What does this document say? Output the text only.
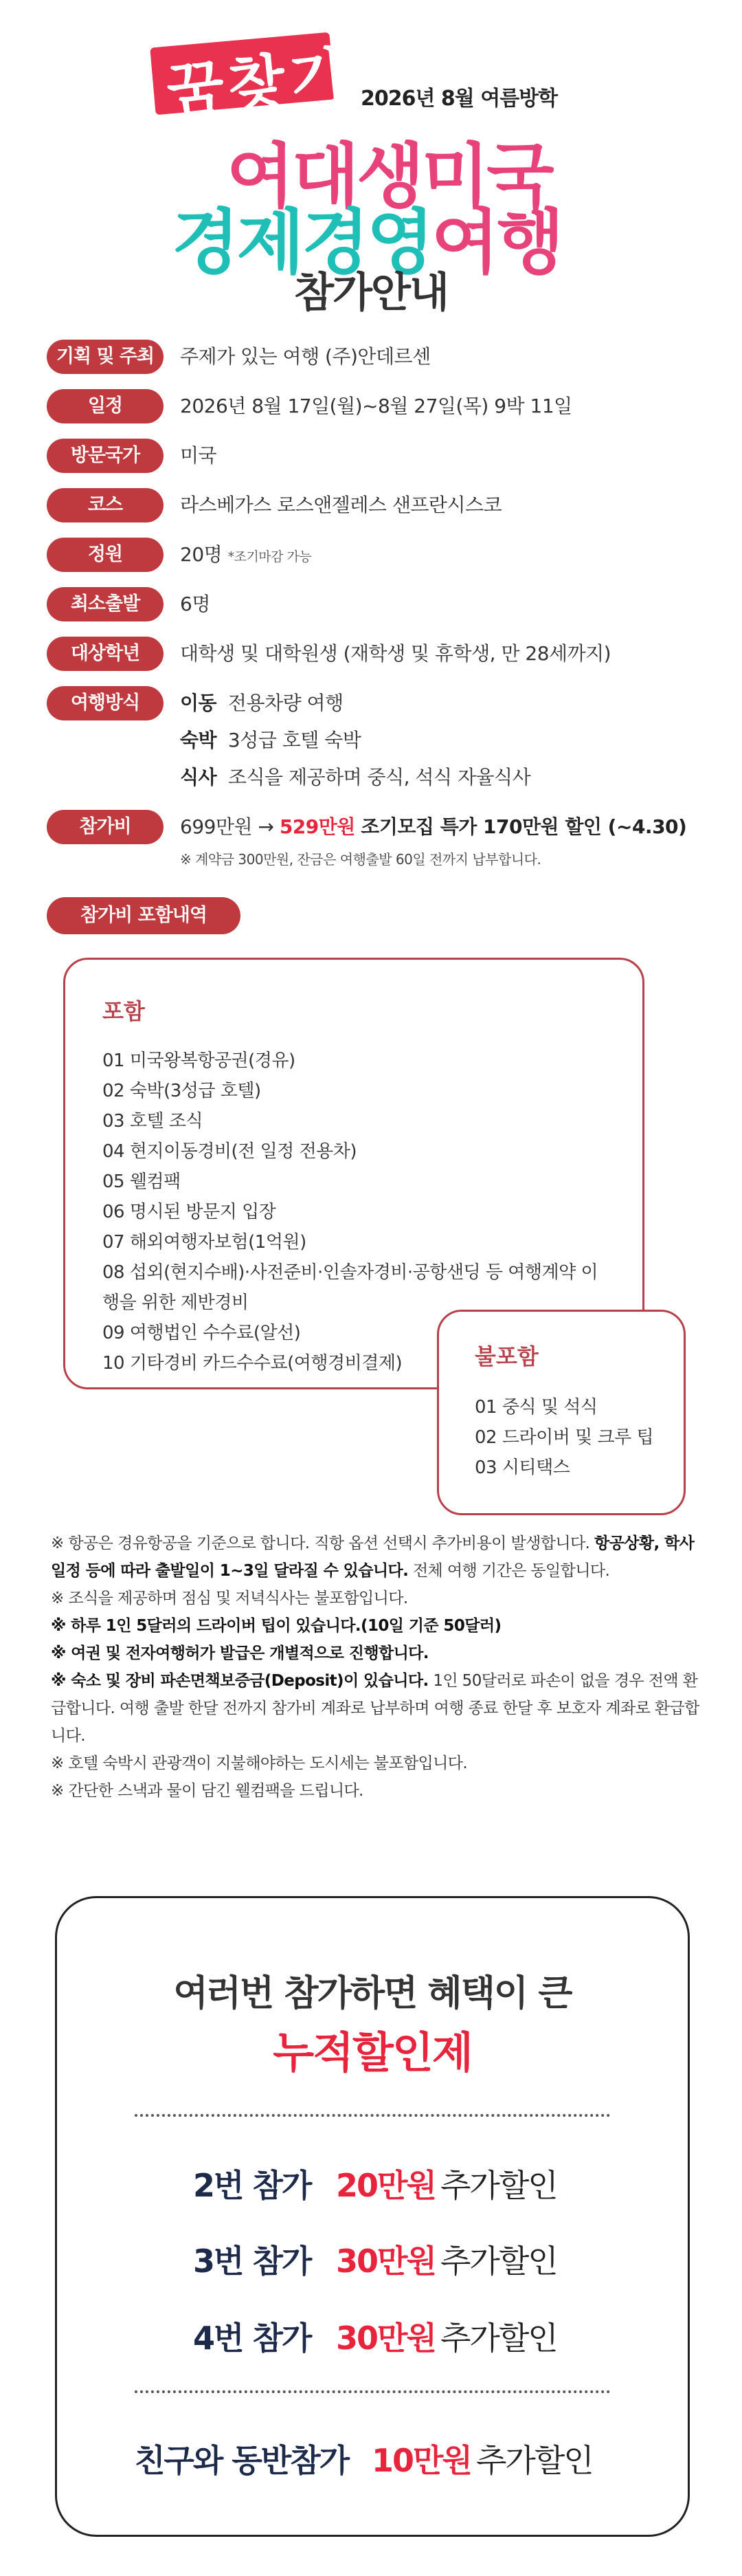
꿈찾기 2026년 8월 여름방학
여대생미국
경제경영여행
참가안내
기획 및 주최	주제가 있는 여행 (주)안데르센
일정	2026년 8월 17일(월)~8월 27일(목) 9박 11일
방문국가	미국
코스	라스베가스 로스앤젤레스 샌프란시스코
정원	20명 *조기마감 가능
최소출발	6명
대상학년	대학생 및 대학원생 (재학생 및 휴학생, 만 28세까지)
여행방식	이동 전용차량 여행
숙박 3성급 호텔 숙박
식사 조식을 제공하며 중식, 석식 자율식사
참가비	699만원 → 529만원 조기모집 특가 170만원 할인 (~4.30)
※ 계약금 300만원, 잔금은 여행출발 60일 전까지 납부합니다.
참가비 포함내역
포함
01 미국왕복항공권(경유)
02 숙박(3성급 호텔)
03 호텔 조식
04 현지이동경비(전 일정 전용차)
05 웰컴팩
06 명시된 방문지 입장
07 해외여행자보험(1억원)
08 섭외(현지수배)·사전준비·인솔자경비·공항샌딩 등 여행계약 이
행을 위한 제반경비
09 여행법인 수수료(알선)
10 기타경비 카드수수료(여행경비결제)	불포함
01 중식 및 석식
02 드라이버 및 크루 팁
03 시티택스

※ 항공은 경유항공을 기준으로 합니다. 직항 옵션 선택시 추가비용이 발생합니다. 항공상황, 학사일정 등에 따라 출발일이 1~3일 달라질 수 있습니다. 전체 여행 기간은 동일합니다.

※ 조식을 제공하며 점심 및 저녁식사는 불포함입니다.

※ 하루 1인 5달러의 드라이버 팁이 있습니다.(10일 기준 50달러)

※ 여권 및 전자여행허가 발급은 개별적으로 진행합니다.

※ 숙소 및 장비 파손면책보증금(Deposit)이 있습니다. 1인 50달러로 파손이 없을 경우 전액 환급합니다. 여행 출발 한달 전까지 참가비 계좌로 납부하며 여행 종료 한달 후 보호자 계좌로 환급합니다.

※ 호텔 숙박시 관광객이 지불해야하는 도시세는 불포함입니다.

※ 간단한 스낵과 물이 담긴 웰컴팩을 드립니다.

여러번 참가하면 혜택이 큰
누적할인제
2번 참가 20만원 추가할인
3번 참가 30만원 추가할인
4번 참가 30만원 추가할인
친구와 동반참가 10만원 추가할인
